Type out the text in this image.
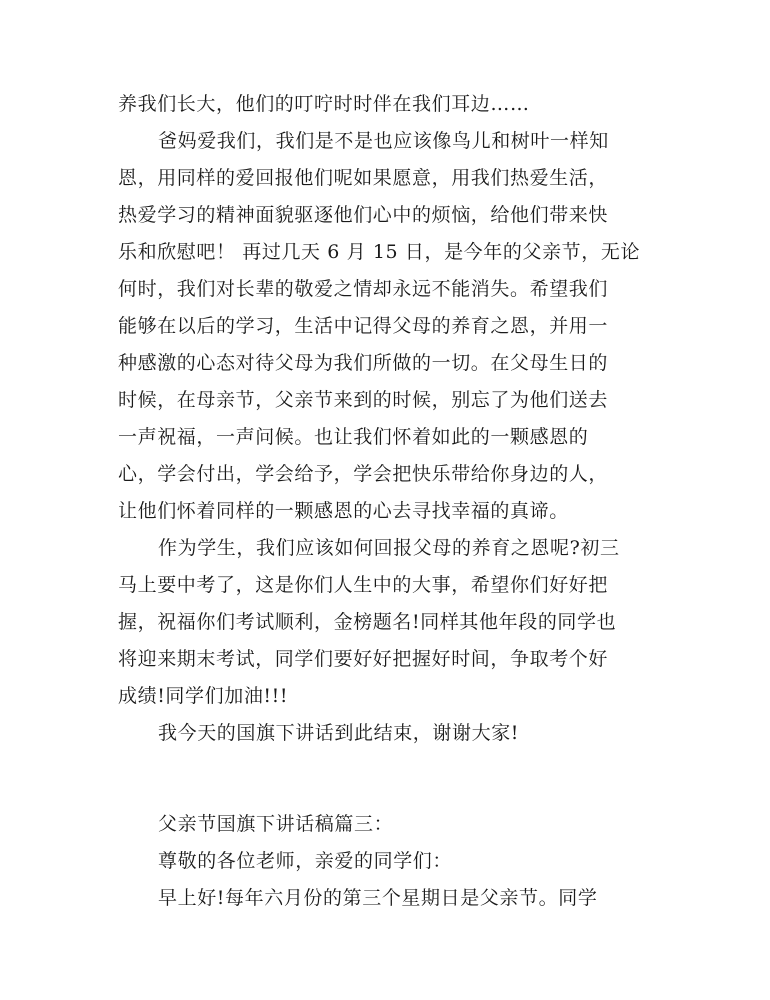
养我们长大，他们的叮咛时时伴在我们耳边……
爸妈爱我们，我们是不是也应该像鸟儿和树叶一样知
恩，用同样的爱回报他们呢如果愿意，用我们热爱生活，
热爱学习的精神面貌驱逐他们心中的烦恼，给他们带来快
乐和欣慰吧！ 再过几天 6 月 15 日，是今年的父亲节，无论
何时，我们对长辈的敬爱之情却永远不能消失。希望我们
能够在以后的学习，生活中记得父母的养育之恩，并用一
种感激的心态对待父母为我们所做的一切。在父母生日的
时候，在母亲节，父亲节来到的时候，别忘了为他们送去
一声祝福，一声问候。也让我们怀着如此的一颗感恩的
心，学会付出，学会给予，学会把快乐带给你身边的人，
让他们怀着同样的一颗感恩的心去寻找幸福的真谛。
作为学生，我们应该如何回报父母的养育之恩呢?初三
马上要中考了，这是你们人生中的大事，希望你们好好把
握，祝福你们考试顺利，金榜题名!同样其他年段的同学也
将迎来期末考试，同学们要好好把握好时间，争取考个好
成绩!同学们加油!!!
我今天的国旗下讲话到此结束，谢谢大家!
父亲节国旗下讲话稿篇三：
尊敬的各位老师，亲爱的同学们：
早上好!每年六月份的第三个星期日是父亲节。同学
